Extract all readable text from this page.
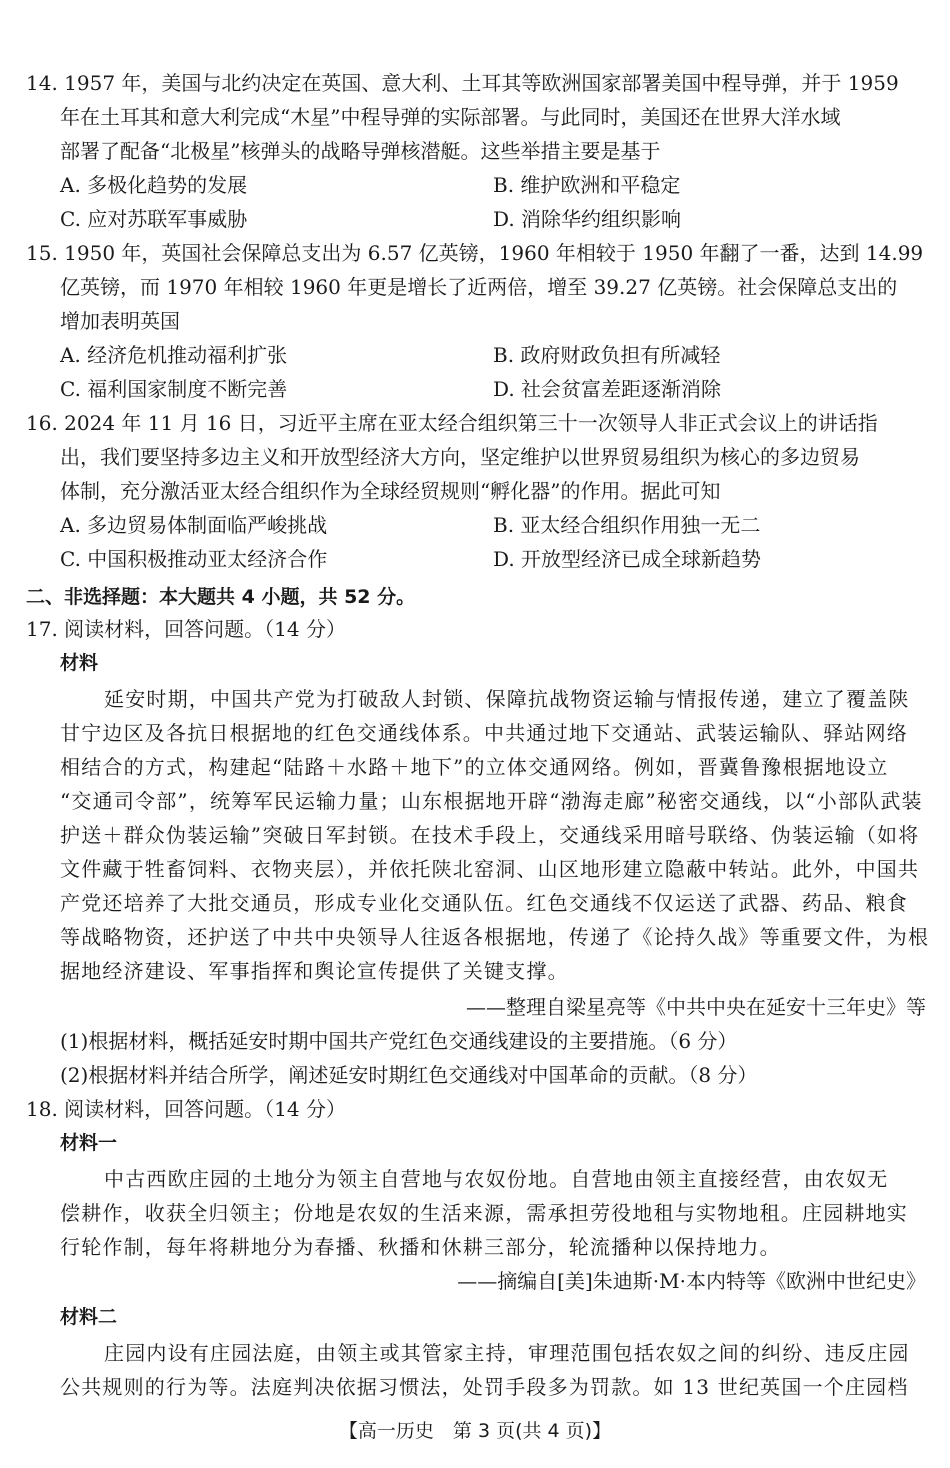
14. 1957 年，美国与北约决定在英国、意大利、土耳其等欧洲国家部署美国中程导弹，并于 1959
年在土耳其和意大利完成“木星”中程导弹的实际部署。与此同时，美国还在世界大洋水域
部署了配备“北极星”核弹头的战略导弹核潜艇。这些举措主要是基于
A. 多极化趋势的发展	B. 维护欧洲和平稳定
C. 应对苏联军事威胁	D. 消除华约组织影响
15. 1950 年，英国社会保障总支出为 6.57 亿英镑，1960 年相较于 1950 年翻了一番，达到 14.99
亿英镑，而 1970 年相较 1960 年更是增长了近两倍，增至 39.27 亿英镑。社会保障总支出的
增加表明英国
A. 经济危机推动福利扩张	B. 政府财政负担有所减轻
C. 福利国家制度不断完善	D. 社会贫富差距逐渐消除
16. 2024 年 11 月 16 日，习近平主席在亚太经合组织第三十一次领导人非正式会议上的讲话指
出，我们要坚持多边主义和开放型经济大方向，坚定维护以世界贸易组织为核心的多边贸易
体制，充分激活亚太经合组织作为全球经贸规则“孵化器”的作用。据此可知
A. 多边贸易体制面临严峻挑战	B. 亚太经合组织作用独一无二
C. 中国积极推动亚太经济合作	D. 开放型经济已成全球新趋势
二、非选择题：本大题共 4 小题，共 52 分。
17. 阅读材料，回答问题。（14 分）
材料
延安时期，中国共产党为打破敌人封锁、保障抗战物资运输与情报传递，建立了覆盖陕
甘宁边区及各抗日根据地的红色交通线体系。中共通过地下交通站、武装运输队、驿站网络
相结合的方式，构建起“陆路＋水路＋地下”的立体交通网络。例如，晋冀鲁豫根据地设立
“交通司令部”，统筹军民运输力量；山东根据地开辟“渤海走廊”秘密交通线，以“小部队武装
护送＋群众伪装运输”突破日军封锁。在技术手段上，交通线采用暗号联络、伪装运输（如将
文件藏于牲畜饲料、衣物夹层），并依托陕北窑洞、山区地形建立隐蔽中转站。此外，中国共
产党还培养了大批交通员，形成专业化交通队伍。红色交通线不仅运送了武器、药品、粮食
等战略物资，还护送了中共中央领导人往返各根据地，传递了《论持久战》等重要文件，为根
据地经济建设、军事指挥和舆论宣传提供了关键支撑。
——整理自梁星亮等《中共中央在延安十三年史》等
(1)根据材料，概括延安时期中国共产党红色交通线建设的主要措施。（6 分）
(2)根据材料并结合所学，阐述延安时期红色交通线对中国革命的贡献。（8 分）
18. 阅读材料，回答问题。（14 分）
材料一
中古西欧庄园的土地分为领主自营地与农奴份地。自营地由领主直接经营，由农奴无
偿耕作，收获全归领主；份地是农奴的生活来源，需承担劳役地租与实物地租。庄园耕地实
行轮作制，每年将耕地分为春播、秋播和休耕三部分，轮流播种以保持地力。
——摘编自[美]朱迪斯·M·本内特等《欧洲中世纪史》
材料二
庄园内设有庄园法庭，由领主或其管家主持，审理范围包括农奴之间的纠纷、违反庄园
公共规则的行为等。法庭判决依据习惯法，处罚手段多为罚款。如 13 世纪英国一个庄园档
【高一历史　第 3 页(共 4 页)】
